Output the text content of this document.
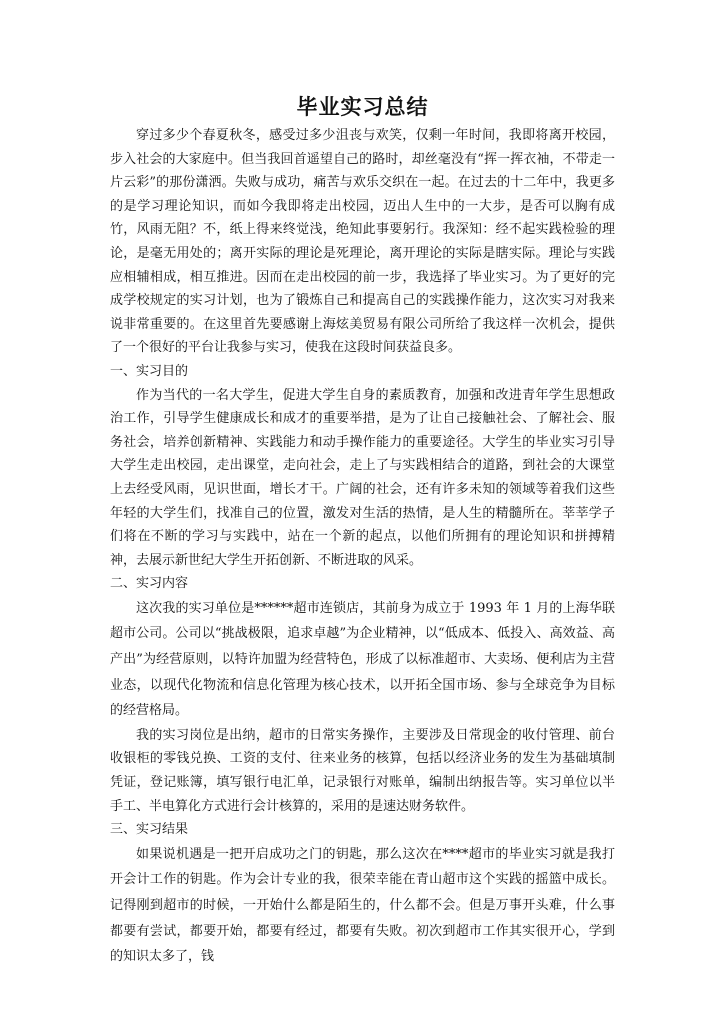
毕业实习总结

穿过多少个春夏秋冬，感受过多少沮丧与欢笑，仅剩一年时间，我即将离开校园，步入社会的大家庭中。但当我回首遥望自己的路时，却丝毫没有“挥一挥衣袖，不带走一片云彩”的那份潇洒。失败与成功，痛苦与欢乐交织在一起。在过去的十二年中，我更多的是学习理论知识，而如今我即将走出校园，迈出人生中的一大步，是否可以胸有成竹，风雨无阻？不，纸上得来终觉浅，绝知此事要躬行。我深知：经不起实践检验的理论，是毫无用处的；离开实际的理论是死理论，离开理论的实际是瞎实际。理论与实践应相辅相成，相互推进。因而在走出校园的前一步，我选择了毕业实习。为了更好的完成学校规定的实习计划，也为了锻炼自己和提高自己的实践操作能力，这次实习对我来说非常重要的。在这里首先要感谢上海炫美贸易有限公司所给了我这样一次机会，提供了一个很好的平台让我参与实习，使我在这段时间获益良多。

一、实习目的

作为当代的一名大学生，促进大学生自身的素质教育，加强和改进青年学生思想政治工作，引导学生健康成长和成才的重要举措，是为了让自己接触社会、了解社会、服务社会，培养创新精神、实践能力和动手操作能力的重要途径。大学生的毕业实习引导大学生走出校园，走出课堂，走向社会，走上了与实践相结合的道路，到社会的大课堂上去经受风雨，见识世面，增长才干。广阔的社会，还有许多未知的领域等着我们这些年轻的大学生们，找准自己的位置，激发对生活的热情，是人生的精髓所在。莘莘学子们将在不断的学习与实践中，站在一个新的起点，以他们所拥有的理论知识和拼搏精神，去展示新世纪大学生开拓创新、不断进取的风采。

二、实习内容

这次我的实习单位是******超市连锁店，其前身为成立于 1993 年 1 月的上海华联超市公司。公司以“挑战极限，追求卓越”为企业精神，以“低成本、低投入、高效益、高产出”为经营原则，以特许加盟为经营特色，形成了以标准超市、大卖场、便利店为主营业态，以现代化物流和信息化管理为核心技术，以开拓全国市场、参与全球竞争为目标的经营格局。

我的实习岗位是出纳，超市的日常实务操作，主要涉及日常现金的收付管理、前台收银柜的零钱兑换、工资的支付、往来业务的核算，包括以经济业务的发生为基础填制凭证，登记账簿，填写银行电汇单，记录银行对账单，编制出纳报告等。实习单位以半手工、半电算化方式进行会计核算的，采用的是速达财务软件。

三、实习结果

如果说机遇是一把开启成功之门的钥匙，那么这次在****超市的毕业实习就是我打开会计工作的钥匙。作为会计专业的我，很荣幸能在青山超市这个实践的摇篮中成长。记得刚到超市的时候，一开始什么都是陌生的，什么都不会。但是万事开头难，什么事都要有尝试，都要开始，都要有经过，都要有失败。初次到超市工作其实很开心，学到的知识太多了，钱
